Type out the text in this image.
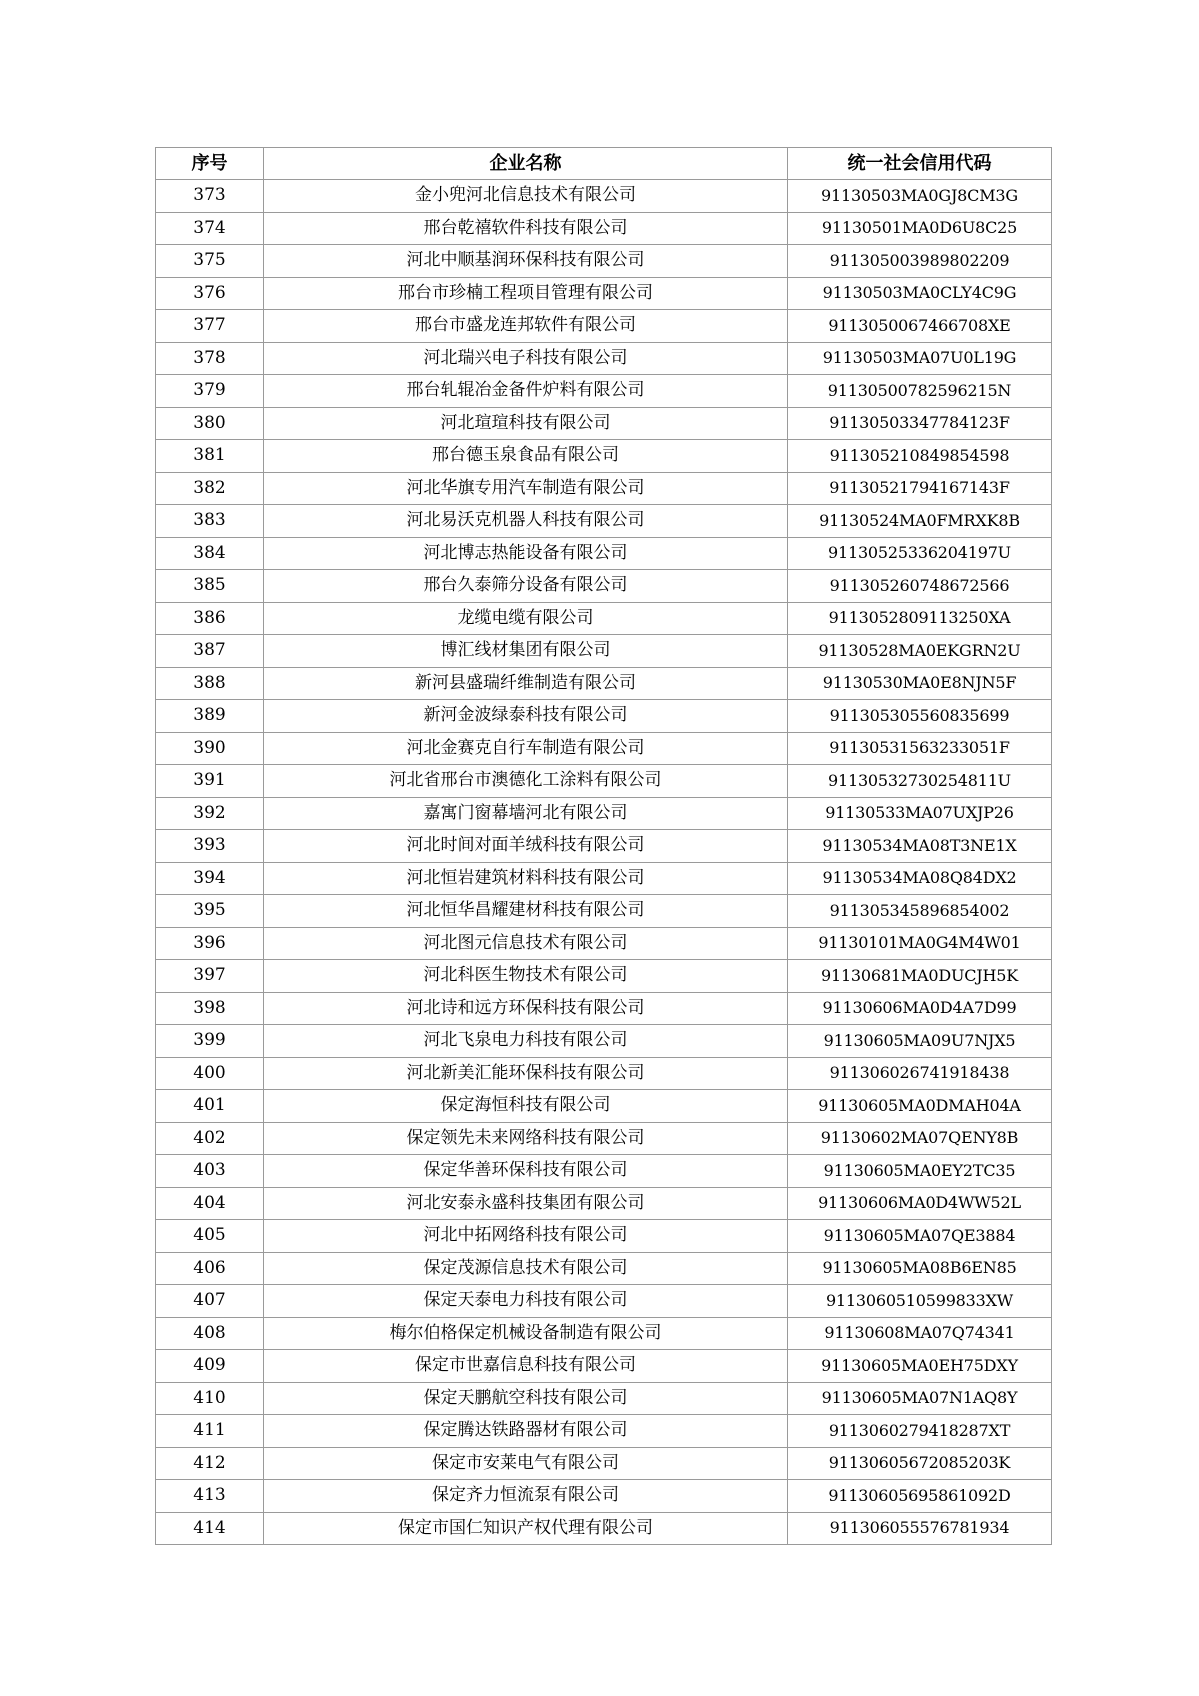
序号	企业名称	统一社会信用代码
373	金小兜河北信息技术有限公司	91130503MA0GJ8CM3G
374	邢台乾禧软件科技有限公司	91130501MA0D6U8C25
375	河北中顺基润环保科技有限公司	911305003989802209
376	邢台市珍楠工程项目管理有限公司	91130503MA0CLY4C9G
377	邢台市盛龙连邦软件有限公司	9113050067466708XE
378	河北瑞兴电子科技有限公司	91130503MA07U0L19G
379	邢台轧辊冶金备件炉料有限公司	9113050078259621​5N
380	河北瑄瑄科技有限公司	91130503347784123F
381	邢台德玉泉食品有限公司	911305210849854598
382	河北华旗专用汽车制造有限公司	91130521794167143F
383	河北易沃克机器人科技有限公司	91130524MA0FMRXK8B
384	河北博志热能设备有限公司	91130525336204197U
385	邢台久泰筛分设备有限公司	911305260748672566
386	龙缆电缆有限公司	9113052809113250XA
387	博汇线材集团有限公司	91130528MA0EKGRN2U
388	新河县盛瑞纤维制造有限公司	91130530MA0E8NJN5F
389	新河金波绿泰科技有限公司	911305305560835699
390	河北金赛克自行车制造有限公司	91130531563233051F
391	河北省邢台市澳德化工涂料有限公司	91130532730254811U
392	嘉寓门窗幕墙河北有限公司	91130533MA07UXJP26
393	河北时间对面羊绒科技有限公司	91130534MA08T3NE1X
394	河北恒岩建筑材料科技有限公司	91130534MA08Q84DX2
395	河北恒华昌耀建材科技有限公司	911305345896854002
396	河北图元信息技术有限公司	91130101MA0G4M4W01
397	河北科医生物技术有限公司	91130681MA0DUCJH5K
398	河北诗和远方环保科技有限公司	91130606MA0D4A7D99
399	河北飞泉电力科技有限公司	91130605MA09U7NJX5
400	河北新美汇能环保科技有限公司	911306026741918438
401	保定海恒科技有限公司	91130605MA0DMAH04A
402	保定领先未来网络科技有限公司	91130602MA07QENY8B
403	保定华善环保科技有限公司	91130605MA0EY2TC35
404	河北安泰永盛科技集团有限公司	91130606MA0D4WW52L
405	河北中拓网络科技有限公司	91130605MA07QE3884
406	保定茂源信息技术有限公司	91130605MA08B6EN85
407	保定天泰电力科技有限公司	9113060510599833XW
408	梅尔伯格保定机械设备制造有限公司	91130608MA07Q74341
409	保定市世嘉信息科技有限公司	91130605MA0EH75DXY
410	保定天鹏航空科技有限公司	91130605MA07N1AQ8Y
411	保定腾达铁路器材有限公司	9113060279418287XT
412	保定市安莱电气有限公司	91130605672085203K
413	保定齐力恒流泵有限公司	91130605695861092D
414	保定市国仁知识产权代理有限公司	911306055576781934
